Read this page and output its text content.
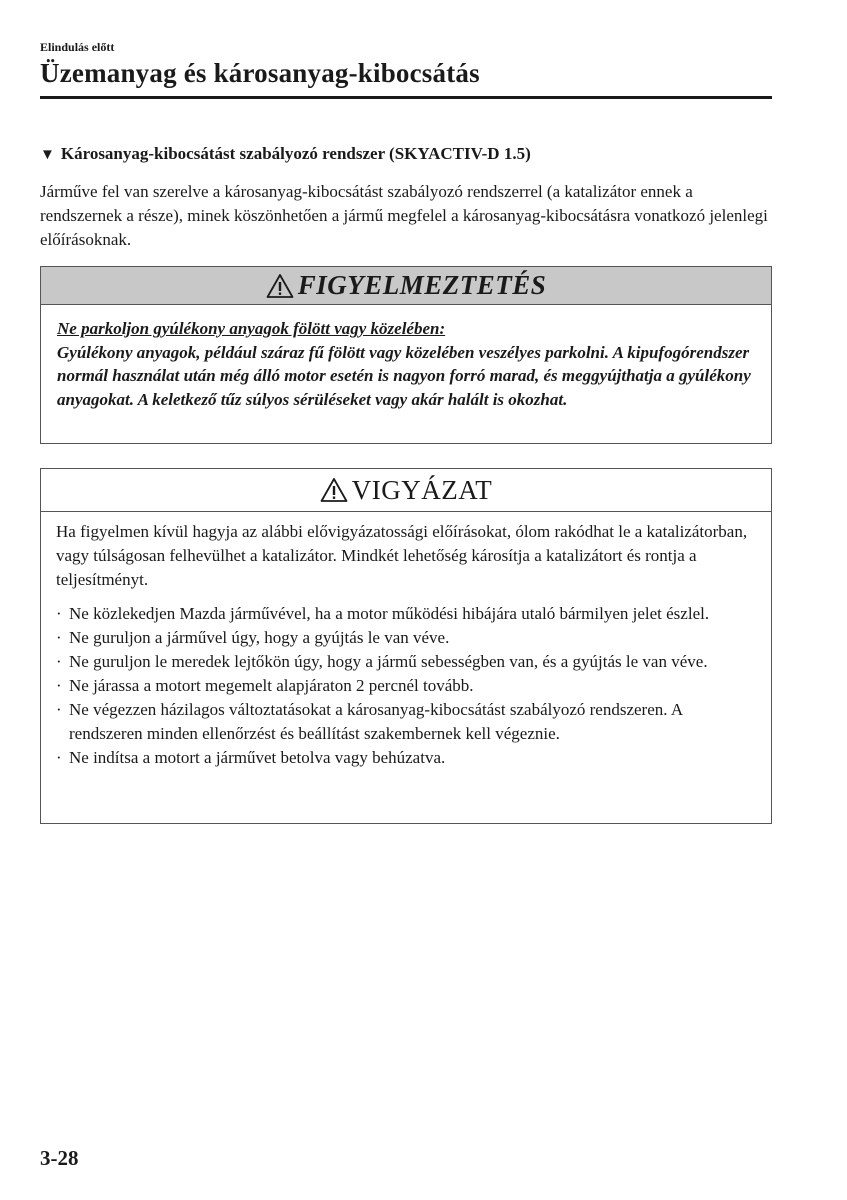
Elindulás előtt
Üzemanyag és károsanyag-kibocsátás
▼ Károsanyag-kibocsátást szabályozó rendszer (SKYACTIV-D 1.5)

Járműve fel van szerelve a károsanyag-kibocsátást szabályozó rendszerrel (a katalizátor ennek a rendszernek a része), minek köszönhetően a jármű megfelel a károsanyag-kibocsátásra vonatkozó jelenlegi előírásoknak.

FIGYELMEZTETÉS
Ne parkoljon gyúlékony anyagok fölött vagy közelében:
Gyúlékony anyagok, például száraz fű fölött vagy közelében veszélyes parkolni. A kipufogórendszer normál használat után még álló motor esetén is nagyon forró marad, és meggyújthatja a gyúlékony anyagokat. A keletkező tűz súlyos sérüléseket vagy akár halált is okozhat.
VIGYÁZAT

Ha figyelmen kívül hagyja az alábbi elővigyázatossági előírásokat, ólom rakódhat le a katalizátorban, vagy túlságosan felhevülhet a katalizátor. Mindkét lehetőség károsítja a katalizátort és rontja a teljesítményt.

· Ne közlekedjen Mazda járművével, ha a motor működési hibájára utaló bármilyen jelet észlel.
· Ne guruljon a járművel úgy, hogy a gyújtás le van véve.
· Ne guruljon le meredek lejtőkön úgy, hogy a jármű sebességben van, és a gyújtás le van véve.
· Ne járassa a motort megemelt alapjáraton 2 percnél tovább.
· Ne végezzen házilagos változtatásokat a károsanyag-kibocsátást szabályozó rendszeren. A rendszeren minden ellenőrzést és beállítást szakembernek kell végeznie.
· Ne indítsa a motort a járművet betolva vagy behúzatva.
3-28
